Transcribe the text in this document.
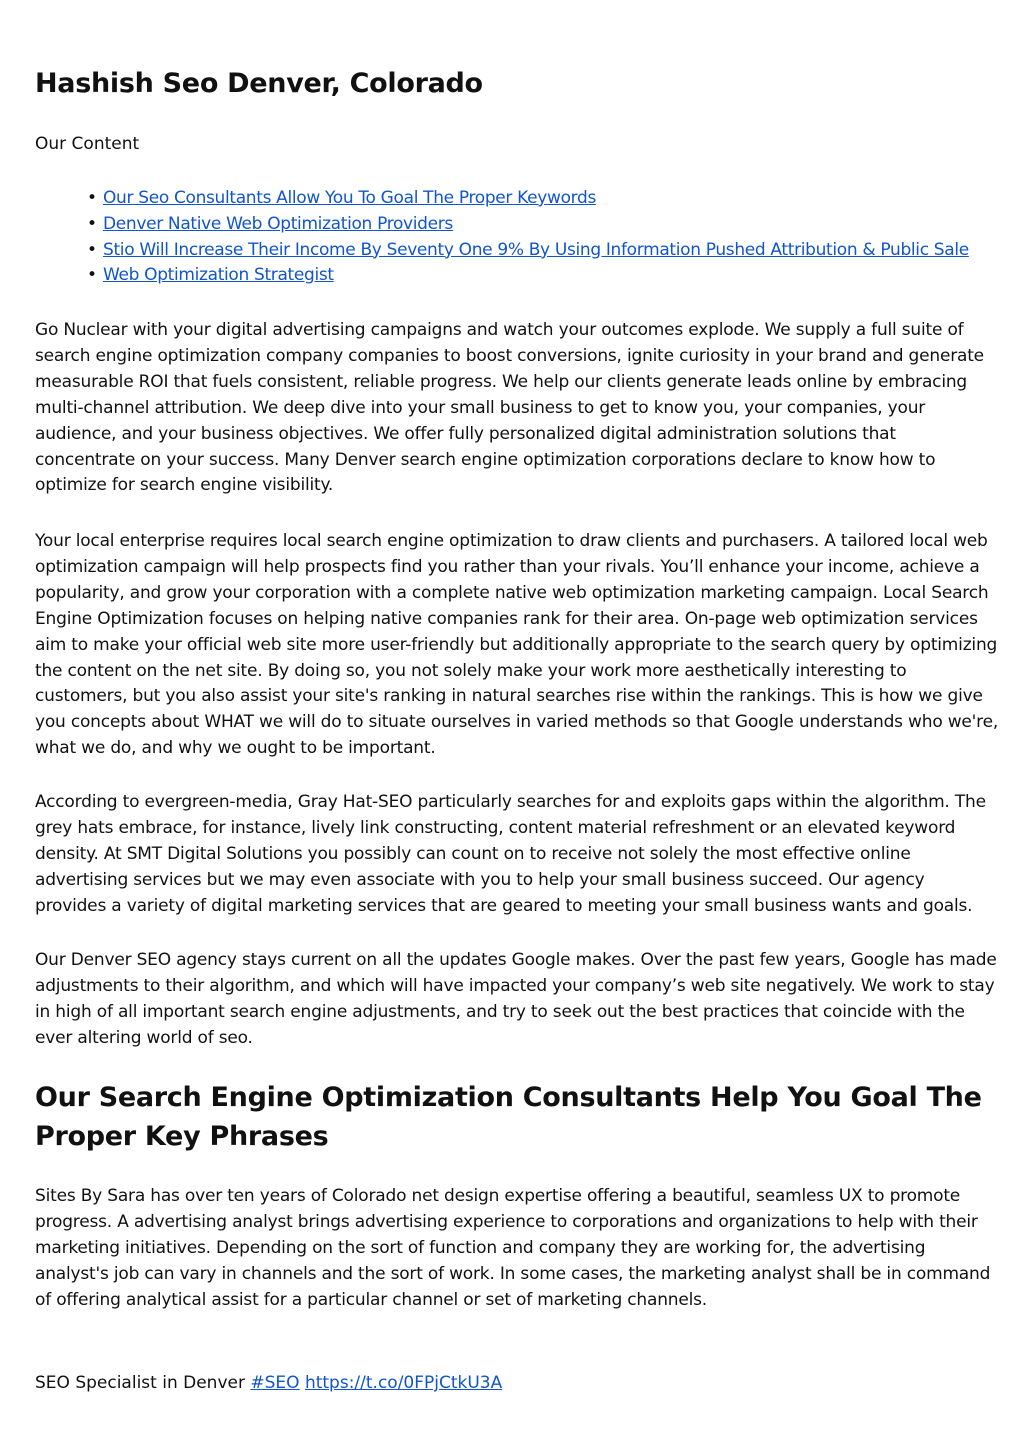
Hashish Seo Denver, Colorado

Our Content

• Our Seo Consultants Allow You To Goal The Proper Keywords
• Denver Native Web Optimization Providers
• Stio Will Increase Their Income By Seventy One 9% By Using Information Pushed Attribution & Public Sale
• Web Optimization Strategist

Go Nuclear with your digital advertising campaigns and watch your outcomes explode. We supply a full suite of search engine optimization company companies to boost conversions, ignite curiosity in your brand and generate measurable ROI that fuels consistent, reliable progress. We help our clients generate leads online by embracing multi-channel attribution. We deep dive into your small business to get to know you, your companies, your audience, and your business objectives. We offer fully personalized digital administration solutions that concentrate on your success. Many Denver search engine optimization corporations declare to know how to optimize for search engine visibility.

Your local enterprise requires local search engine optimization to draw clients and purchasers. A tailored local web optimization campaign will help prospects find you rather than your rivals. You’ll enhance your income, achieve a popularity, and grow your corporation with a complete native web optimization marketing campaign. Local Search Engine Optimization focuses on helping native companies rank for their area. On-page web optimization services aim to make your official web site more user-friendly but additionally appropriate to the search query by optimizing the content on the net site. By doing so, you not solely make your work more aesthetically interesting to customers, but you also assist your site's ranking in natural searches rise within the rankings. This is how we give you concepts about WHAT we will do to situate ourselves in varied methods so that Google understands who we're, what we do, and why we ought to be important.

According to evergreen-media, Gray Hat-SEO particularly searches for and exploits gaps within the algorithm. The grey hats embrace, for instance, lively link constructing, content material refreshment or an elevated keyword density. At SMT Digital Solutions you possibly can count on to receive not solely the most effective online advertising services but we may even associate with you to help your small business succeed. Our agency provides a variety of digital marketing services that are geared to meeting your small business wants and goals.

Our Denver SEO agency stays current on all the updates Google makes. Over the past few years, Google has made adjustments to their algorithm, and which will have impacted your company’s web site negatively. We work to stay in high of all important search engine adjustments, and try to seek out the best practices that coincide with the ever altering world of seo.

Our Search Engine Optimization Consultants Help You Goal The Proper Key Phrases

Sites By Sara has over ten years of Colorado net design expertise offering a beautiful, seamless UX to promote progress. A advertising analyst brings advertising experience to corporations and organizations to help with their marketing initiatives. Depending on the sort of function and company they are working for, the advertising analyst's job can vary in channels and the sort of work. In some cases, the marketing analyst shall be in command of offering analytical assist for a particular channel or set of marketing channels.

SEO Specialist in Denver #SEO https://t.co/0FPjCtkU3A
